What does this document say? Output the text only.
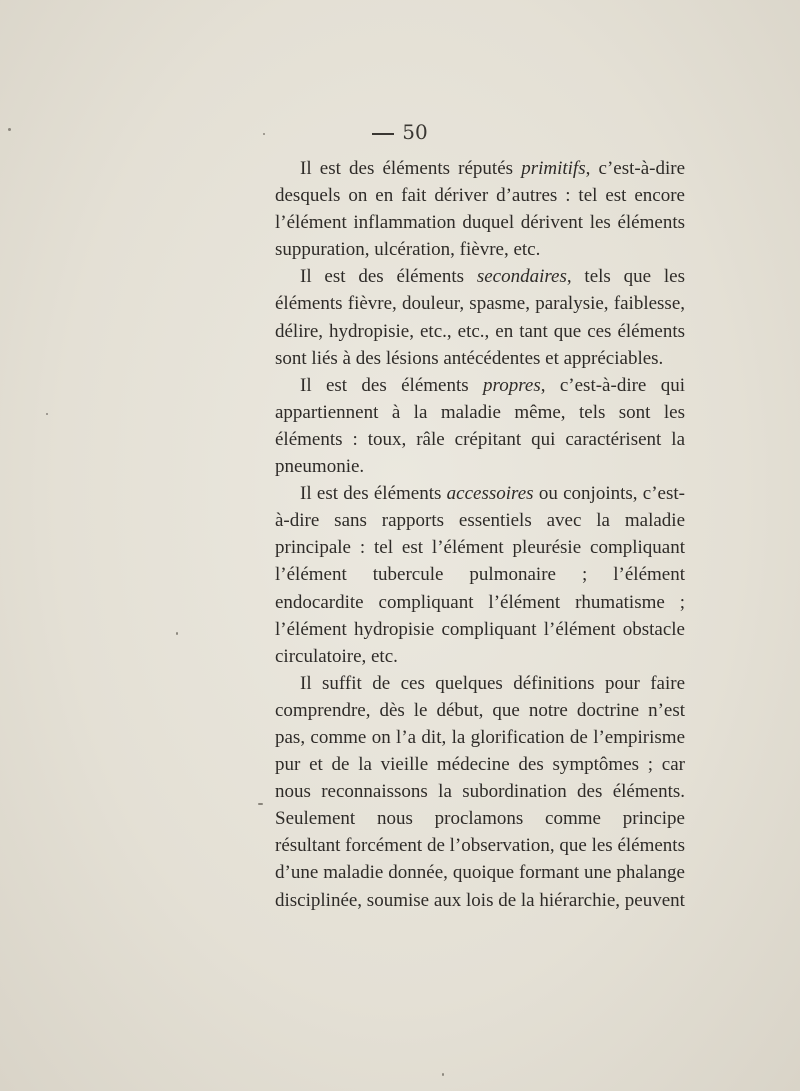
50

Il est des éléments réputés primitifs, c’est-à-dire desquels on en fait dériver d’autres : tel est encore l’élément inflammation duquel dérivent les éléments suppuration, ulcération, fièvre, etc.

Il est des éléments secondaires, tels que les éléments fièvre, douleur, spasme, paralysie, faiblesse, délire, hydropisie, etc., etc., en tant que ces éléments sont liés à des lésions antécédentes et appréciables.

Il est des éléments propres, c’est-à-dire qui appartiennent à la maladie même, tels sont les éléments : toux, râle crépitant qui caractérisent la pneumonie.

Il est des éléments accessoires ou conjoints, c’est-à-dire sans rapports essentiels avec la maladie principale : tel est l’élément pleurésie compliquant l’élément tubercule pulmonaire ; l’élément endocardite compliquant l’élément rhumatisme ; l’élément hydropisie compliquant l’élément obstacle circulatoire, etc.

Il suffit de ces quelques définitions pour faire comprendre, dès le début, que notre doctrine n’est pas, comme on l’a dit, la glorification de l’empirisme pur et de la vieille médecine des symptômes ; car nous reconnaissons la subordination des éléments. Seulement nous proclamons comme principe résultant forcément de l’observation, que les éléments d’une maladie donnée, quoique formant une phalange disciplinée, soumise aux lois de la hiérarchie, peuvent
